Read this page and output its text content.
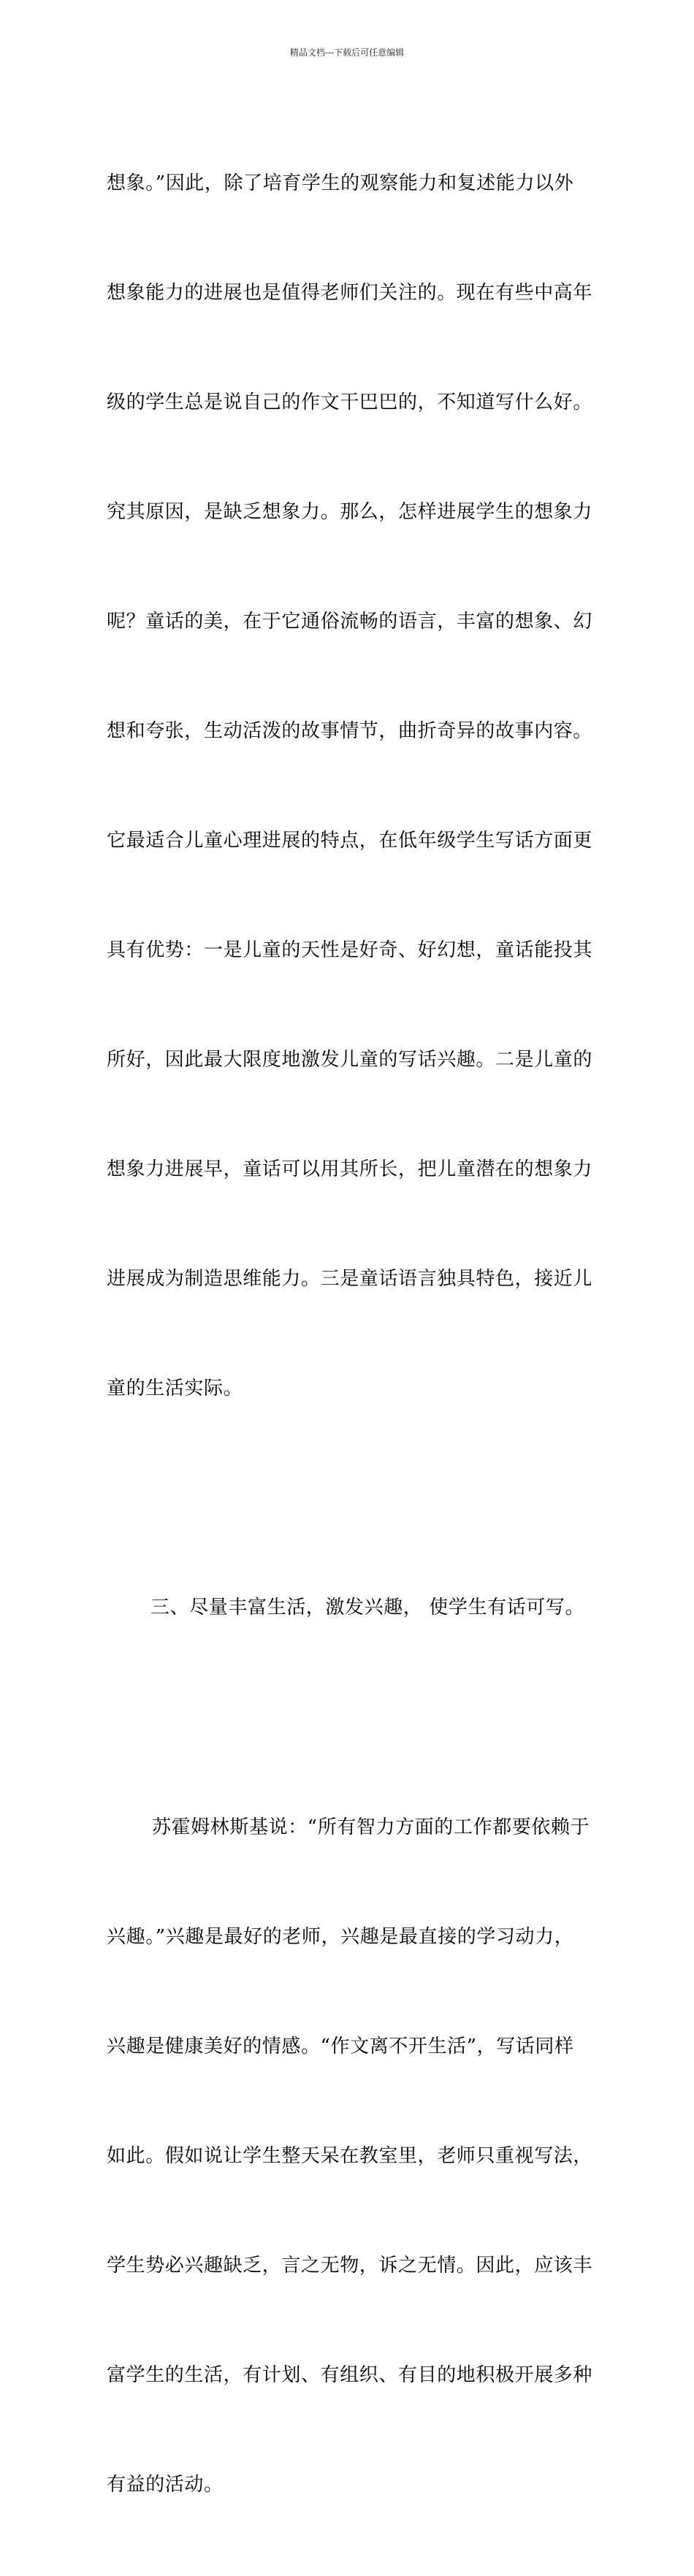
精品文档---下载后可任意编辑

想象。”因此，除了培育学生的观察能力和复述能力以外

想象能力的进展也是值得老师们关注的。现在有些中高年

级的学生总是说自己的作文干巴巴的，不知道写什么好。

究其原因，是缺乏想象力。那么，怎样进展学生的想象力

呢？童话的美，在于它通俗流畅的语言，丰富的想象、幻

想和夸张，生动活泼的故事情节，曲折奇异的故事内容。

它最适合儿童心理进展的特点，在低年级学生写话方面更

具有优势：一是儿童的天性是好奇、好幻想，童话能投其

所好，因此最大限度地激发儿童的写话兴趣。二是儿童的

想象力进展早，童话可以用其所长，把儿童潜在的想象力

进展成为制造思维能力。三是童话语言独具特色，接近儿

童的生活实际。

三、尽量丰富生活，激发兴趣， 使学生有话可写。

苏霍姆林斯基说：“所有智力方面的工作都要依赖于

兴趣。”兴趣是最好的老师，兴趣是最直接的学习动力，

兴趣是健康美好的情感。“作文离不开生活”，写话同样

如此。假如说让学生整天呆在教室里，老师只重视写法，

学生势必兴趣缺乏，言之无物，诉之无情。因此，应该丰

富学生的生活，有计划、有组织、有目的地积极开展多种

有益的活动。
